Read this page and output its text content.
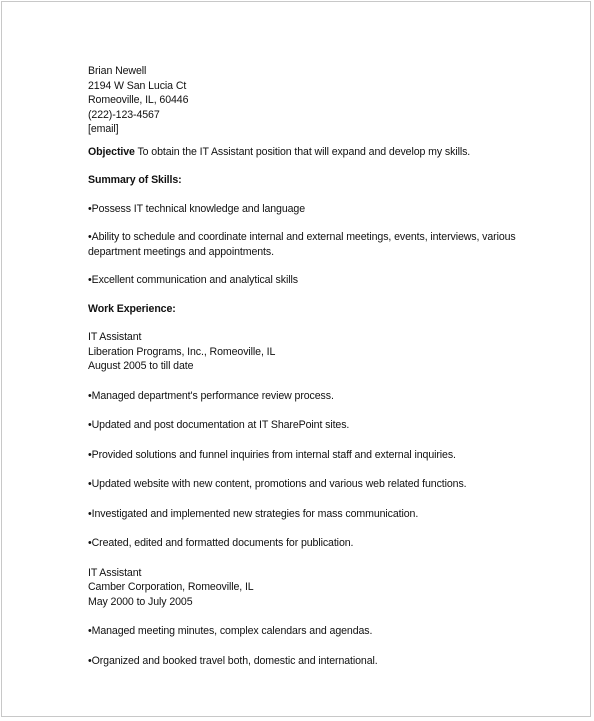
Brian Newell
2194 W San Lucia Ct
Romeoville, IL, 60446
(222)-123-4567
[email]
Objective To obtain the IT Assistant position that will expand and develop my skills.
Summary of Skills:
•Possess IT technical knowledge and language
•Ability to schedule and coordinate internal and external meetings, events, interviews, various department meetings and appointments.
•Excellent communication and analytical skills
Work Experience:
IT Assistant
Liberation Programs, Inc., Romeoville, IL
August 2005 to till date
•Managed department's performance review process.
•Updated and post documentation at IT SharePoint sites.
•Provided solutions and funnel inquiries from internal staff and external inquiries.
•Updated website with new content, promotions and various web related functions.
•Investigated and implemented new strategies for mass communication.
•Created, edited and formatted documents for publication.
IT Assistant
Camber Corporation, Romeoville, IL
May 2000 to July 2005
•Managed meeting minutes, complex calendars and agendas.
•Organized and booked travel both, domestic and international.
